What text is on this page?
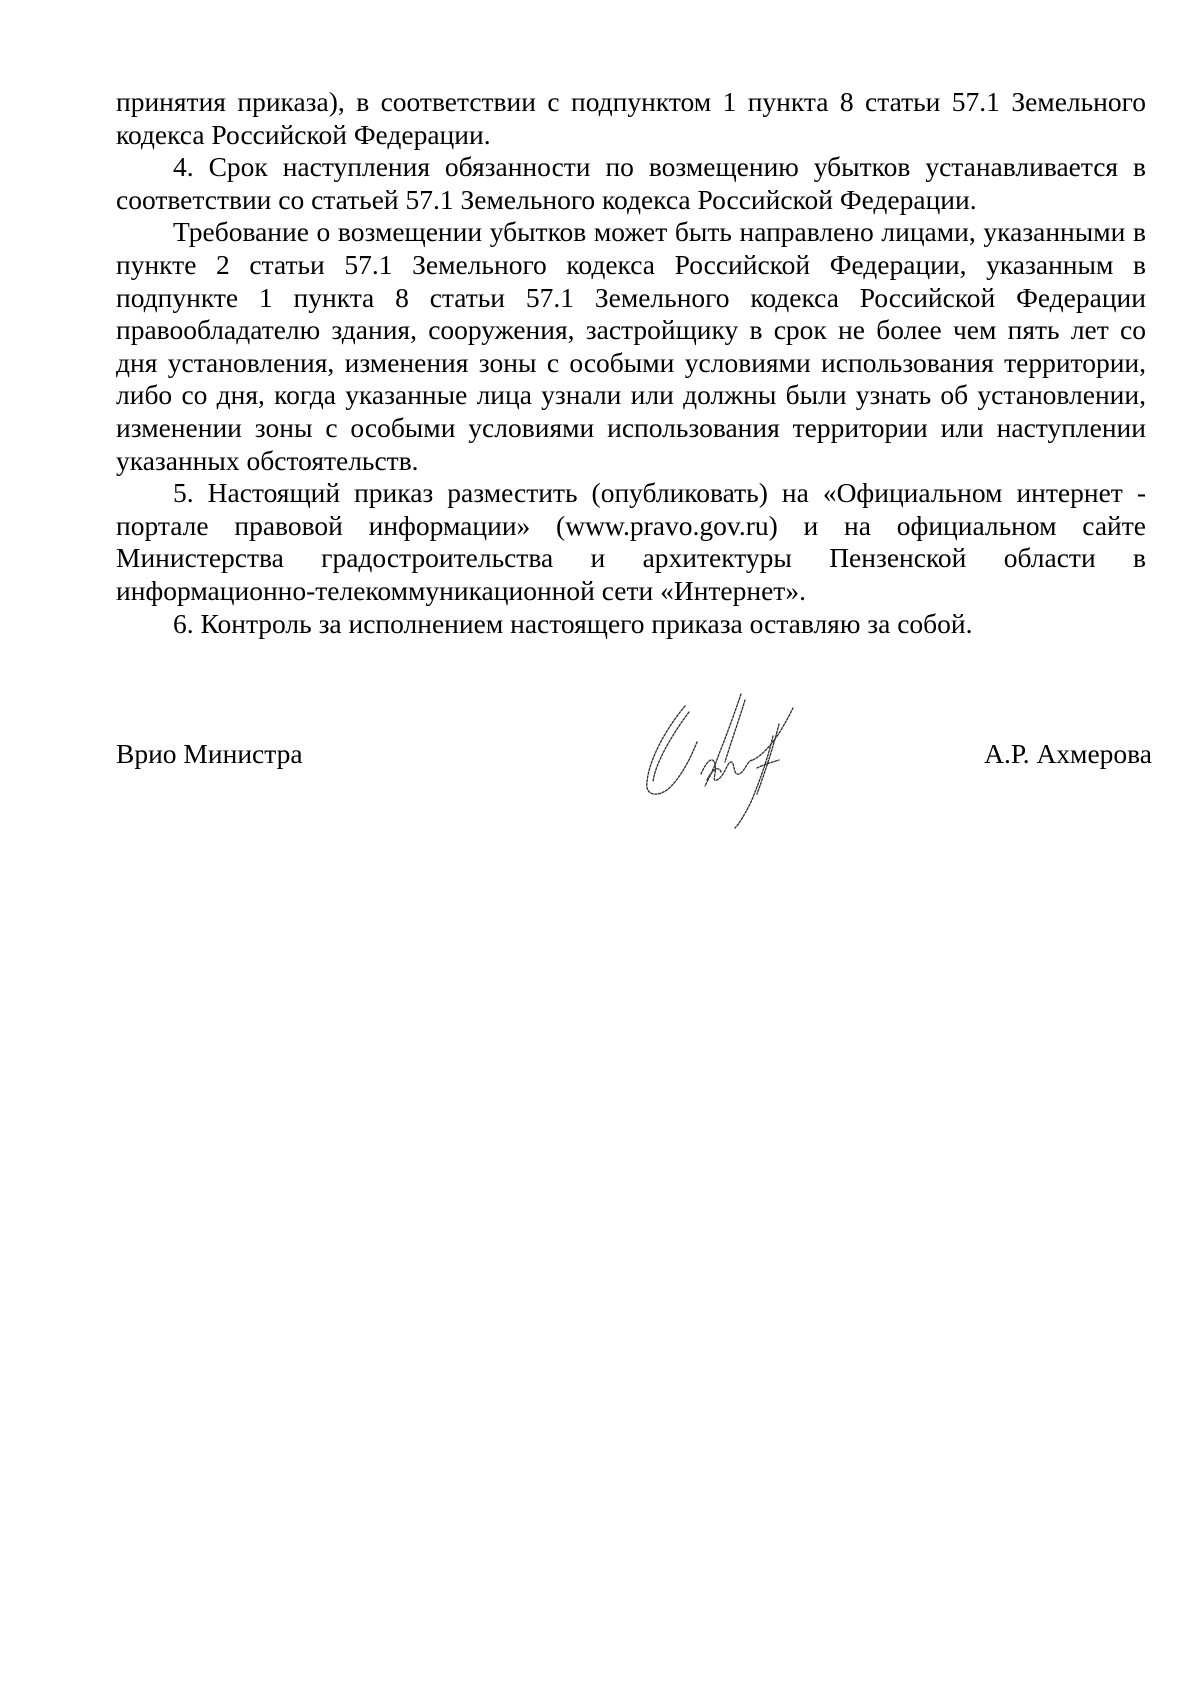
принятия приказа), в соответствии с подпунктом 1 пункта 8 статьи 57.1 Земельного кодекса Российской Федерации.

4. Срок наступления обязанности по возмещению убытков устанавливается в соответствии со статьей 57.1 Земельного кодекса Российской Федерации.

Требование о возмещении убытков может быть направлено лицами, указанными в пункте 2 статьи 57.1 Земельного кодекса Российской Федерации, указанным в подпункте 1 пункта 8 статьи 57.1 Земельного кодекса Российской Федерации правообладателю здания, сооружения, застройщику в срок не более чем пять лет со дня установления, изменения зоны с особыми условиями использования территории, либо со дня, когда указанные лица узнали или должны были узнать об установлении, изменении зоны с особыми условиями использования территории или наступлении указанных обстоятельств.

5. Настоящий приказ разместить (опубликовать) на «Официальном интернет - портале правовой информации» (www.pravo.gov.ru) и на официальном сайте Министерства градостроительства и архитектуры Пензенской области в информационно-телекоммуникационной сети «Интернет».

6. Контроль за исполнением настоящего приказа оставляю за собой.

Врио Министра	А.Р. Ахмерова
